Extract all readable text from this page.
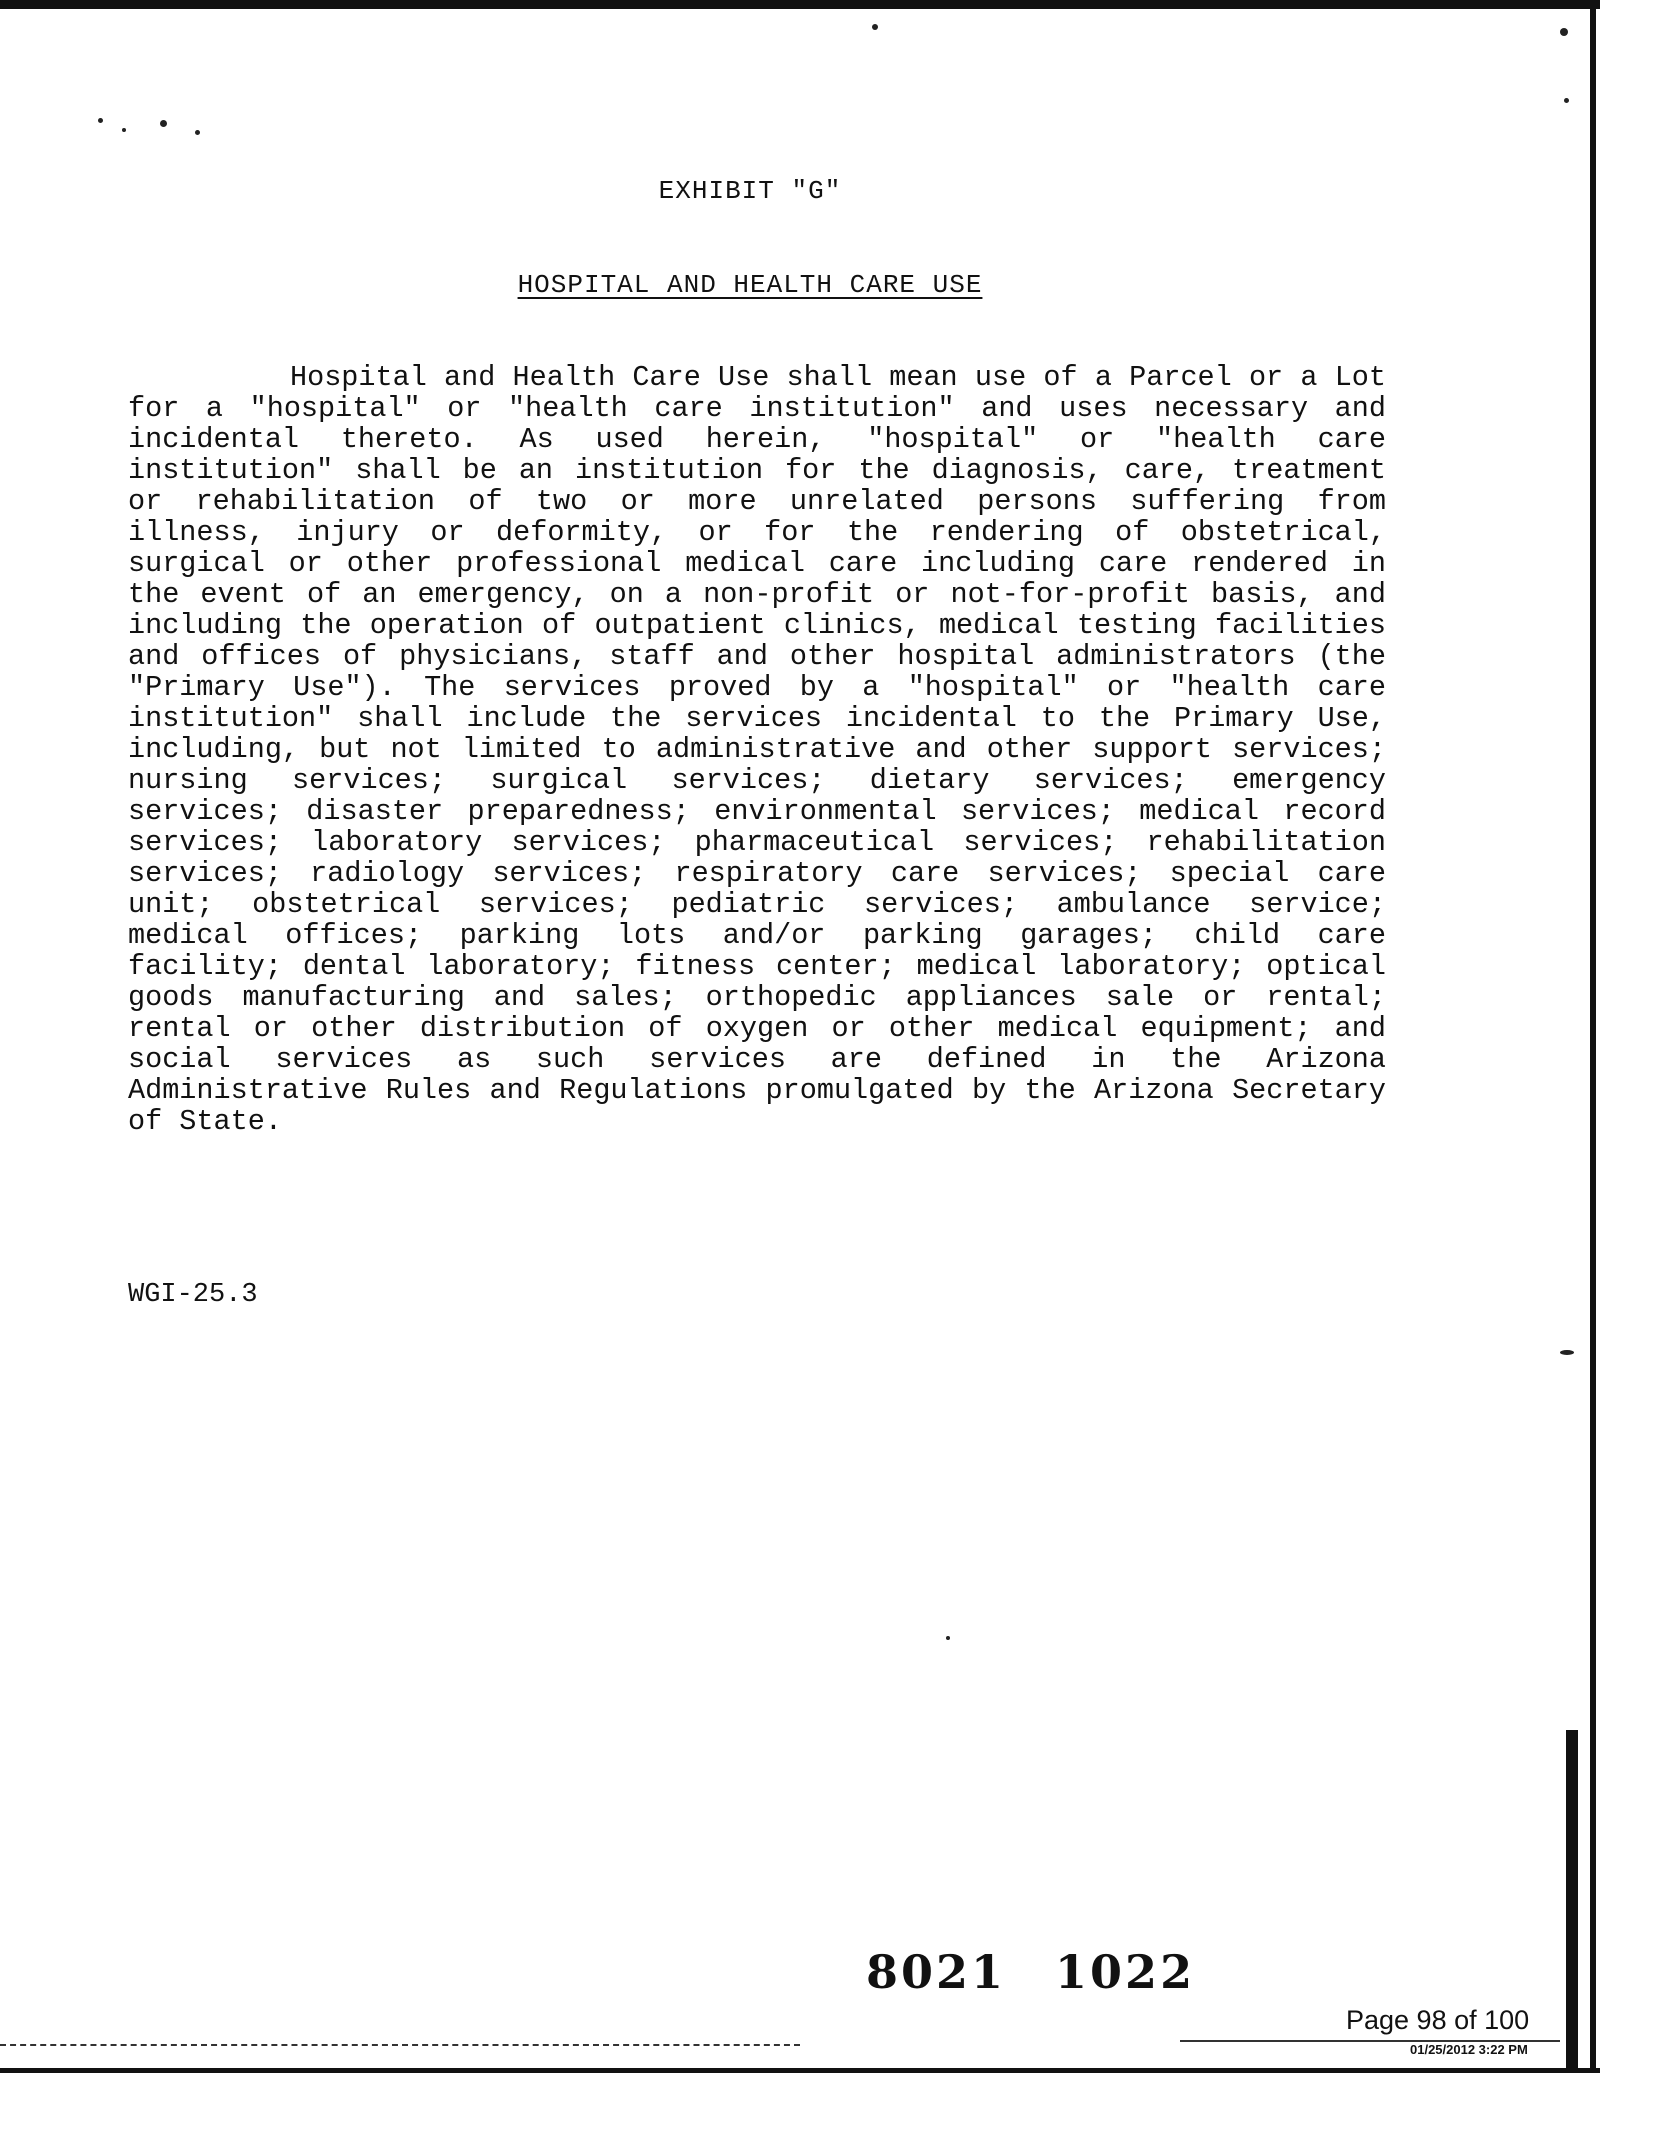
EXHIBIT "G"
HOSPITAL AND HEALTH CARE USE

Hospital and Health Care Use shall mean use of a Parcel or a Lot for a "hospital" or "health care institution" and uses necessary and incidental thereto. As used herein, "hospital" or "health care institution" shall be an institution for the diagnosis, care, treatment or rehabilitation of two or more unrelated persons suffering from illness, injury or deformity, or for the rendering of obstetrical, surgical or other professional medical care including care rendered in the event of an emergency, on a non-profit or not-for-profit basis, and including the operation of outpatient clinics, medical testing facilities and offices of physicians, staff and other hospital administrators (the "Primary Use"). The services proved by a "hospital" or "health care institution" shall include the services incidental to the Primary Use, including, but not limited to administrative and other support services; nursing services; surgical services; dietary services; emergency services; disaster preparedness; environmental services; medical record services; laboratory services; pharmaceutical services; rehabilitation services; radiology services; respiratory care services; special care unit; obstetrical services; pediatric services; ambulance service; medical offices; parking lots and/or parking garages; child care facility; dental laboratory; fitness center; medical laboratory; optical goods manufacturing and sales; orthopedic appliances sale or rental; rental or other distribution of oxygen or other medical equipment; and social services as such services are defined in the Arizona Administrative Rules and Regulations promulgated by the Arizona Secretary of State.

WGI-25.3
8021 1022
Page 98 of 100
01/25/2012 3:22 PM
